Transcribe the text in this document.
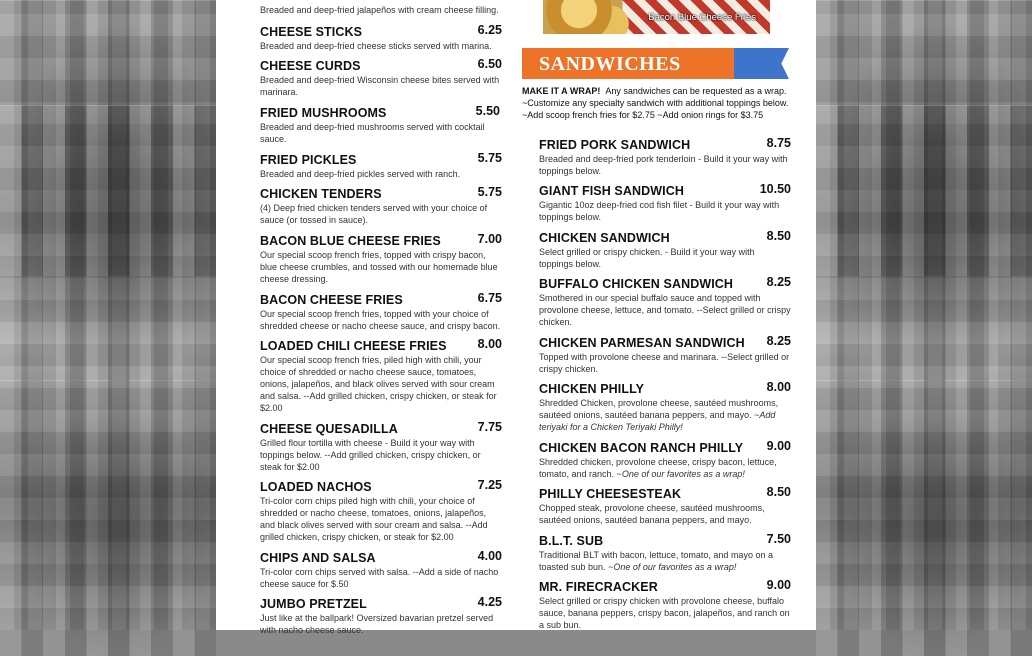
Breaded and deep-fried jalapeños with cream cheese filling.
CHEESE STICKS	6.25
Breaded and deep-fried cheese sticks served with marina.
CHEESE CURDS	6.50
Breaded and deep-fried Wisconsin cheese bites served with marinara.
FRIED MUSHROOMS	5.50
Breaded and deep-fried mushrooms served with cocktail sauce.
FRIED PICKLES	5.75
Breaded and deep-fried pickles served with ranch.
CHICKEN TENDERS	5.75
(4) Deep fried chicken tenders served with your choice of sauce (or tossed in sauce).
BACON BLUE CHEESE FRIES	7.00
Our special scoop french fries, topped with crispy bacon, blue cheese crumbles, and tossed with our homemade blue cheese dressing.
BACON CHEESE FRIES	6.75
Our special scoop french fries, topped with your choice of shredded cheese or nacho cheese sauce, and crispy bacon.
LOADED CHILI CHEESE FRIES 8.00
Our special scoop french fries, piled high with chili, your choice of shredded or nacho cheese sauce, tomatoes, onions, jalapeños, and black olives served with sour cream and salsa. --Add grilled chicken, crispy chicken, or steak for $2.00
CHEESE QUESADILLA	7.75
Grilled flour tortilla with cheese - Build it your way with toppings below. --Add grilled chicken, crispy chicken, or steak for $2.00
LOADED NACHOS	7.25
Tri-color corn chips piled high with chili, your choice of shredded or nacho cheese, tomatoes, onions, jalapeños, and black olives served with sour cream and salsa. --Add grilled chicken, crispy chicken, or steak for $2.00
CHIPS AND SALSA	4.00
Tri-color corn chips served with salsa. --Add a side of nacho cheese sauce for $.50
JUMBO PRETZEL	4.25
Just like at the ballpark! Oversized bavarian pretzel served with nacho cheese sauce.
Bacon Blue Cheese Fries
SANDWICHES
MAKE IT A WRAP! Any sandwiches can be requested as a wrap.
~Customize any specialty sandwich with additional toppings below.
~Add scoop french fries for $2.75 ~Add onion rings for $3.75
FRIED PORK SANDWICH	8.75
Breaded and deep-fried pork tenderloin - Build it your way with toppings below.
GIANT FISH SANDWICH	10.50
Gigantic 10oz deep-fried cod fish filet - Build it your way with toppings below.
CHICKEN SANDWICH	8.50
Select grilled or crispy chicken. - Build it your way with toppings below.
BUFFALO CHICKEN SANDWICH	8.25
Smothered in our special buffalo sauce and topped with provolone cheese, lettuce, and tomato. --Select grilled or crispy chicken.
CHICKEN PARMESAN SANDWICH 8.25
Topped with provolone cheese and marinara. --Select grilled or crispy chicken.
CHICKEN PHILLY	8.00
Shredded Chicken, provolone cheese, sautéed mushrooms, sautéed onions, sautéed banana peppers, and mayo. ~Add teriyaki for a Chicken Teriyaki Philly!
CHICKEN BACON RANCH PHILLY 9.00
Shredded chicken, provolone cheese, crispy bacon, lettuce, tomato, and ranch. ~One of our favorites as a wrap!
PHILLY CHEESESTEAK	8.50
Chopped steak, provolone cheese, sautéed mushrooms, sautéed onions, sautéed banana peppers, and mayo.
B.L.T. SUB	7.50
Traditional BLT with bacon, lettuce, tomato, and mayo on a toasted sub bun. ~One of our favorites as a wrap!
MR. FIRECRACKER	9.00
Select grilled or crispy chicken with provolone cheese, buffalo sauce, banana peppers, crispy bacon, jalapeños, and ranch on a sub bun.
